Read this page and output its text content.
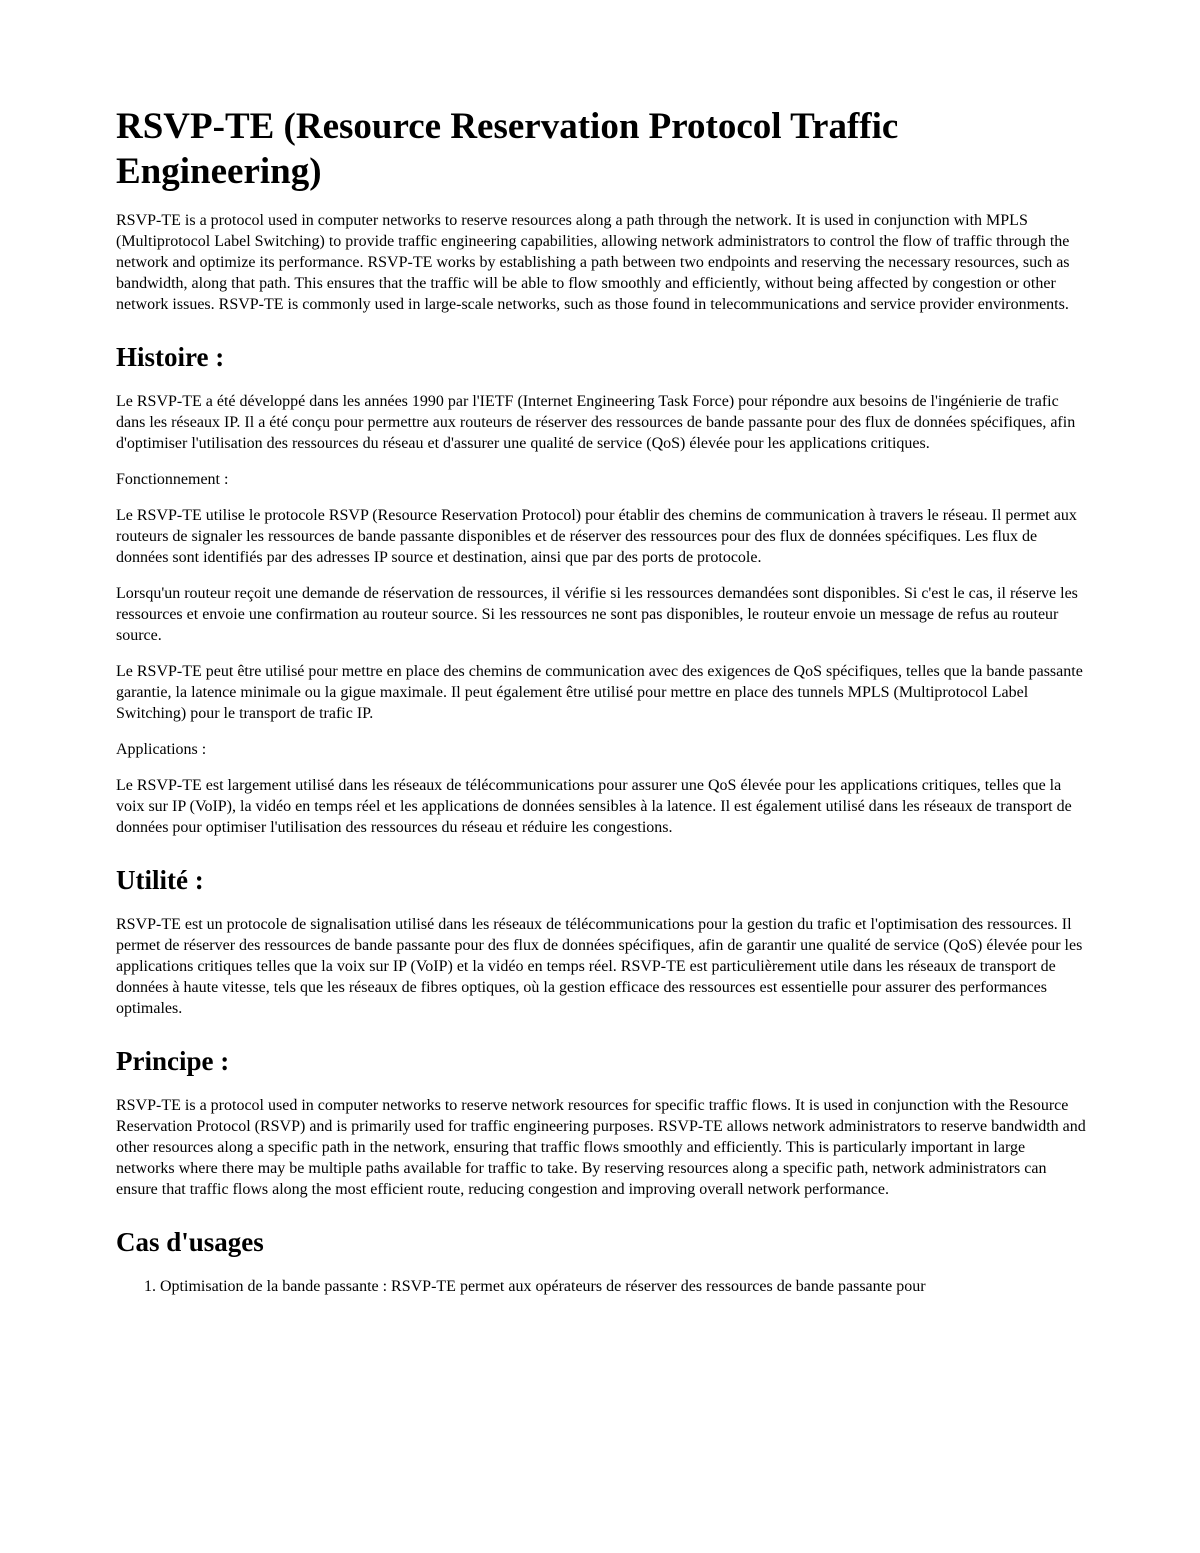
RSVP-TE (Resource Reservation Protocol Traffic Engineering)

RSVP-TE is a protocol used in computer networks to reserve resources along a path through the network. It is used in conjunction with MPLS (Multiprotocol Label Switching) to provide traffic engineering capabilities, allowing network administrators to control the flow of traffic through the network and optimize its performance. RSVP-TE works by establishing a path between two endpoints and reserving the necessary resources, such as bandwidth, along that path. This ensures that the traffic will be able to flow smoothly and efficiently, without being affected by congestion or other network issues. RSVP-TE is commonly used in large-scale networks, such as those found in telecommunications and service provider environments.

Histoire :

Le RSVP-TE a été développé dans les années 1990 par l'IETF (Internet Engineering Task Force) pour répondre aux besoins de l'ingénierie de trafic dans les réseaux IP. Il a été conçu pour permettre aux routeurs de réserver des ressources de bande passante pour des flux de données spécifiques, afin d'optimiser l'utilisation des ressources du réseau et d'assurer une qualité de service (QoS) élevée pour les applications critiques.

Fonctionnement :

Le RSVP-TE utilise le protocole RSVP (Resource Reservation Protocol) pour établir des chemins de communication à travers le réseau. Il permet aux routeurs de signaler les ressources de bande passante disponibles et de réserver des ressources pour des flux de données spécifiques. Les flux de données sont identifiés par des adresses IP source et destination, ainsi que par des ports de protocole.

Lorsqu'un routeur reçoit une demande de réservation de ressources, il vérifie si les ressources demandées sont disponibles. Si c'est le cas, il réserve les ressources et envoie une confirmation au routeur source. Si les ressources ne sont pas disponibles, le routeur envoie un message de refus au routeur source.

Le RSVP-TE peut être utilisé pour mettre en place des chemins de communication avec des exigences de QoS spécifiques, telles que la bande passante garantie, la latence minimale ou la gigue maximale. Il peut également être utilisé pour mettre en place des tunnels MPLS (Multiprotocol Label Switching) pour le transport de trafic IP.

Applications :

Le RSVP-TE est largement utilisé dans les réseaux de télécommunications pour assurer une QoS élevée pour les applications critiques, telles que la voix sur IP (VoIP), la vidéo en temps réel et les applications de données sensibles à la latence. Il est également utilisé dans les réseaux de transport de données pour optimiser l'utilisation des ressources du réseau et réduire les congestions.

Utilité :

RSVP-TE est un protocole de signalisation utilisé dans les réseaux de télécommunications pour la gestion du trafic et l'optimisation des ressources. Il permet de réserver des ressources de bande passante pour des flux de données spécifiques, afin de garantir une qualité de service (QoS) élevée pour les applications critiques telles que la voix sur IP (VoIP) et la vidéo en temps réel. RSVP-TE est particulièrement utile dans les réseaux de transport de données à haute vitesse, tels que les réseaux de fibres optiques, où la gestion efficace des ressources est essentielle pour assurer des performances optimales.

Principe :

RSVP-TE is a protocol used in computer networks to reserve network resources for specific traffic flows. It is used in conjunction with the Resource Reservation Protocol (RSVP) and is primarily used for traffic engineering purposes. RSVP-TE allows network administrators to reserve bandwidth and other resources along a specific path in the network, ensuring that traffic flows smoothly and efficiently. This is particularly important in large networks where there may be multiple paths available for traffic to take. By reserving resources along a specific path, network administrators can ensure that traffic flows along the most efficient route, reducing congestion and improving overall network performance.

Cas d'usages
1. Optimisation de la bande passante : RSVP-TE permet aux opérateurs de réserver des ressources de bande passante pour
